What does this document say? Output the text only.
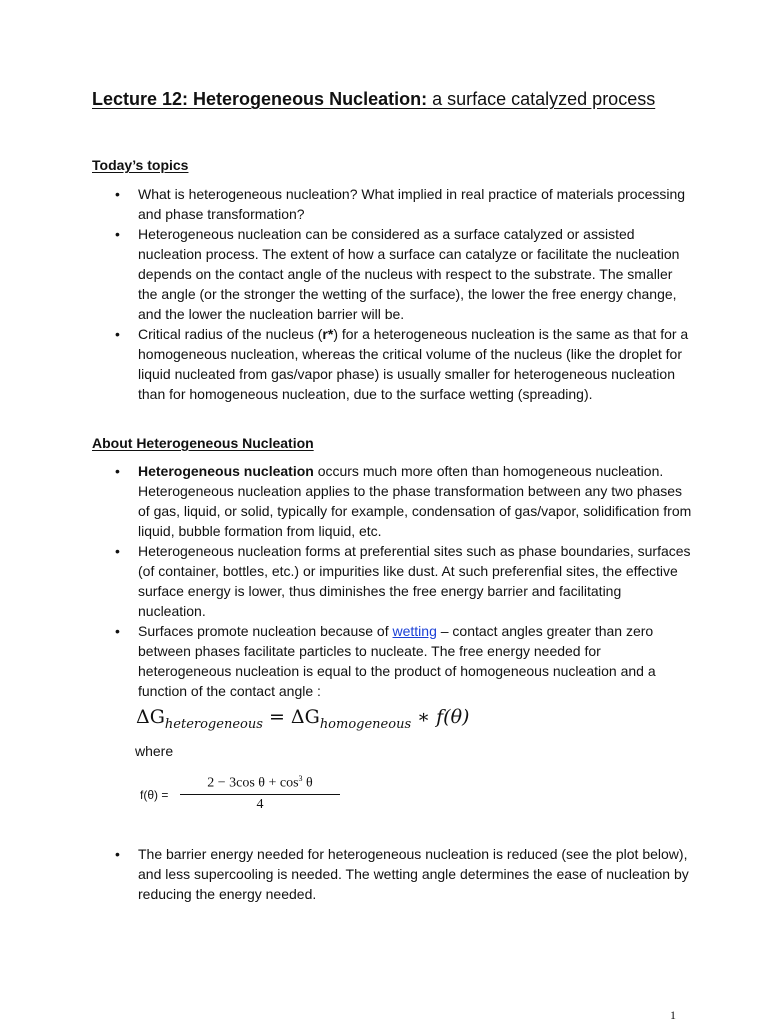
Lecture 12: Heterogeneous Nucleation: a surface catalyzed process
Today’s topics
• What is heterogeneous nucleation? What implied in real practice of materials processing and phase transformation?

• Heterogeneous nucleation can be considered as a surface catalyzed or assisted nucleation process. The extent of how a surface can catalyze or facilitate the nucleation depends on the contact angle of the nucleus with respect to the substrate. The smaller the angle (or the stronger the wetting of the surface), the lower the free energy change, and the lower the nucleation barrier will be.

• Critical radius of the nucleus (r*) for a heterogeneous nucleation is the same as that for a homogeneous nucleation, whereas the critical volume of the nucleus (like the droplet for liquid nucleated from gas/vapor phase) is usually smaller for heterogeneous nucleation than for homogeneous nucleation, due to the surface wetting (spreading).

About Heterogeneous Nucleation
• Heterogeneous nucleation occurs much more often than homogeneous nucleation. Heterogeneous nucleation applies to the phase transformation between any two phases of gas, liquid, or solid, typically for example, condensation of gas/vapor, solidification from liquid, bubble formation from liquid, etc.

• Heterogeneous nucleation forms at preferential sites such as phase boundaries, surfaces (of container, bottles, etc.) or impurities like dust. At such preferenfial sites, the effective surface energy is lower, thus diminishes the free energy barrier and facilitating nucleation.

• Surfaces promote nucleation because of wetting – contact angles greater than zero between phases facilitate particles to nucleate. The free energy needed for heterogeneous nucleation is equal to the product of homogeneous nucleation and a function of the contact angle :

$\Delta G_{heterogeneous} = \Delta G_{homogeneous}$ ∗ f(θ)
where
$f(\theta) = \frac{2 - 3\cos \theta + \cos^3 \theta}{4}$
• The barrier energy needed for heterogeneous nucleation is reduced (see the plot below), and less supercooling is needed. The wetting angle determines the ease of nucleation by reducing the energy needed.

1
